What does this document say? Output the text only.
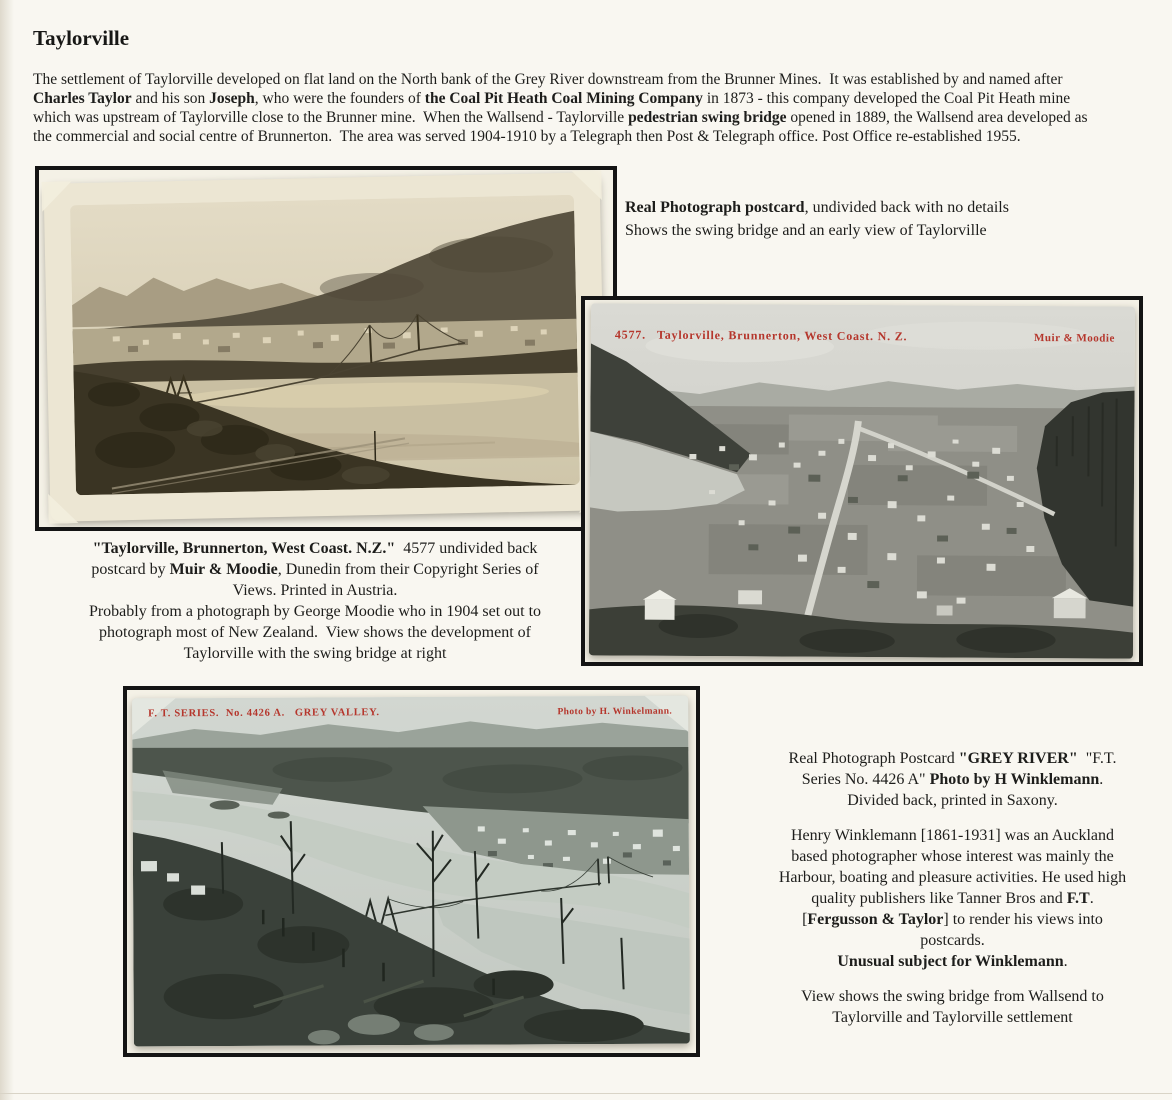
Taylorville
The settlement of Taylorville developed on flat land on the North bank of the Grey River downstream from the Brunner Mines.  It was established by and named after
Charles Taylor and his son Joseph, who were the founders of the Coal Pit Heath Coal Mining Company in 1873 - this company developed the Coal Pit Heath mine
which was upstream of Taylorville close to the Brunner mine.  When the Wallsend - Taylorville pedestrian swing bridge opened in 1889, the Wallsend area developed as
the commercial and social centre of Brunnerton.  The area was served 1904-1910 by a Telegraph then Post & Telegraph office. Post Office re-established 1955.
Real Photograph postcard, undivided back with no details
Shows the swing bridge and an early view of Taylorville
4577.   Taylorville, Brunnerton, West Coast. N. Z.	Muir & Moodie
"Taylorville, Brunnerton, West Coast. N.Z."  4577 undivided back
postcard by Muir & Moodie, Dunedin from their Copyright Series of
Views. Printed in Austria.
Probably from a photograph by George Moodie who in 1904 set out to
photograph most of New Zealand.  View shows the development of
Taylorville with the swing bridge at right
F. T. SERIES.  No. 4426 A.   GREY VALLEY.	Photo by H. Winkelmann.
Real Photograph Postcard "GREY RIVER"  "F.T.
Series No. 4426 A" Photo by H Winklemann.
Divided back, printed in Saxony.
Henry Winklemann [1861-1931] was an Auckland
based photographer whose interest was mainly the
Harbour, boating and pleasure activities. He used high
quality publishers like Tanner Bros and F.T.
[Fergusson & Taylor] to render his views into
postcards.
Unusual subject for Winklemann.
View shows the swing bridge from Wallsend to
Taylorville and Taylorville settlement
